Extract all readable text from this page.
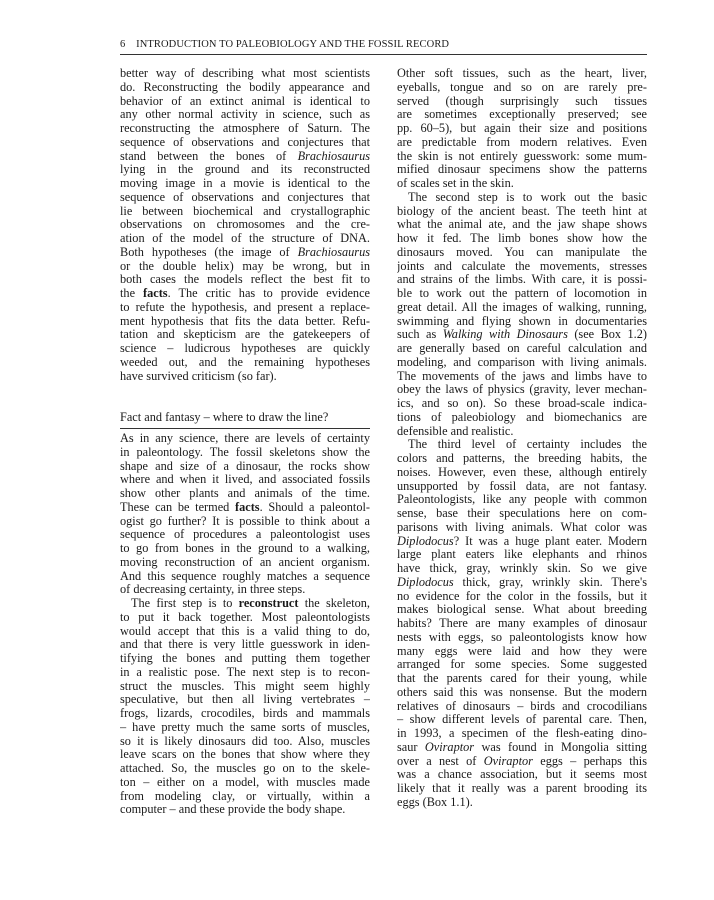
6 INTRODUCTION TO PALEOBIOLOGY AND THE FOSSIL RECORD
better way of describing what most scientists
do. Reconstructing the bodily appearance and
behavior of an extinct animal is identical to
any other normal activity in science, such as
reconstructing the atmosphere of Saturn. The
sequence of observations and conjectures that
stand between the bones of Brachiosaurus
lying in the ground and its reconstructed
moving image in a movie is identical to the
sequence of observations and conjectures that
lie between biochemical and crystallographic
observations on chromosomes and the cre-
ation of the model of the structure of DNA.
Both hypotheses (the image of Brachiosaurus
or the double helix) may be wrong, but in
both cases the models reflect the best fit to
the facts. The critic has to provide evidence
to refute the hypothesis, and present a replace-
ment hypothesis that fits the data better. Refu-
tation and skepticism are the gatekeepers of
science – ludicrous hypotheses are quickly
weeded out, and the remaining hypotheses
have survived criticism (so far).
Fact and fantasy – where to draw the line?
As in any science, there are levels of certainty
in paleontology. The fossil skeletons show the
shape and size of a dinosaur, the rocks show
where and when it lived, and associated fossils
show other plants and animals of the time.
These can be termed facts. Should a paleontol-
ogist go further? It is possible to think about a
sequence of procedures a paleontologist uses
to go from bones in the ground to a walking,
moving reconstruction of an ancient organism.
And this sequence roughly matches a sequence
of decreasing certainty, in three steps.
The first step is to reconstruct the skeleton,
to put it back together. Most paleontologists
would accept that this is a valid thing to do,
and that there is very little guesswork in iden-
tifying the bones and putting them together
in a realistic pose. The next step is to recon-
struct the muscles. This might seem highly
speculative, but then all living vertebrates –
frogs, lizards, crocodiles, birds and mammals
– have pretty much the same sorts of muscles,
so it is likely dinosaurs did too. Also, muscles
leave scars on the bones that show where they
attached. So, the muscles go on to the skele-
ton – either on a model, with muscles made
from modeling clay, or virtually, within a
computer – and these provide the body shape.
Other soft tissues, such as the heart, liver,
eyeballs, tongue and so on are rarely pre-
served (though surprisingly such tissues
are sometimes exceptionally preserved; see
pp. 60–5), but again their size and positions
are predictable from modern relatives. Even
the skin is not entirely guesswork: some mum-
mified dinosaur specimens show the patterns
of scales set in the skin.
The second step is to work out the basic
biology of the ancient beast. The teeth hint at
what the animal ate, and the jaw shape shows
how it fed. The limb bones show how the
dinosaurs moved. You can manipulate the
joints and calculate the movements, stresses
and strains of the limbs. With care, it is possi-
ble to work out the pattern of locomotion in
great detail. All the images of walking, running,
swimming and flying shown in documentaries
such as Walking with Dinosaurs (see Box 1.2)
are generally based on careful calculation and
modeling, and comparison with living animals.
The movements of the jaws and limbs have to
obey the laws of physics (gravity, lever mechan-
ics, and so on). So these broad-scale indica-
tions of paleobiology and biomechanics are
defensible and realistic.
The third level of certainty includes the
colors and patterns, the breeding habits, the
noises. However, even these, although entirely
unsupported by fossil data, are not fantasy.
Paleontologists, like any people with common
sense, base their speculations here on com-
parisons with living animals. What color was
Diplodocus? It was a huge plant eater. Modern
large plant eaters like elephants and rhinos
have thick, gray, wrinkly skin. So we give
Diplodocus thick, gray, wrinkly skin. There's
no evidence for the color in the fossils, but it
makes biological sense. What about breeding
habits? There are many examples of dinosaur
nests with eggs, so paleontologists know how
many eggs were laid and how they were
arranged for some species. Some suggested
that the parents cared for their young, while
others said this was nonsense. But the modern
relatives of dinosaurs – birds and crocodilians
– show different levels of parental care. Then,
in 1993, a specimen of the flesh-eating dino-
saur Oviraptor was found in Mongolia sitting
over a nest of Oviraptor eggs – perhaps this
was a chance association, but it seems most
likely that it really was a parent brooding its
eggs (Box 1.1).
